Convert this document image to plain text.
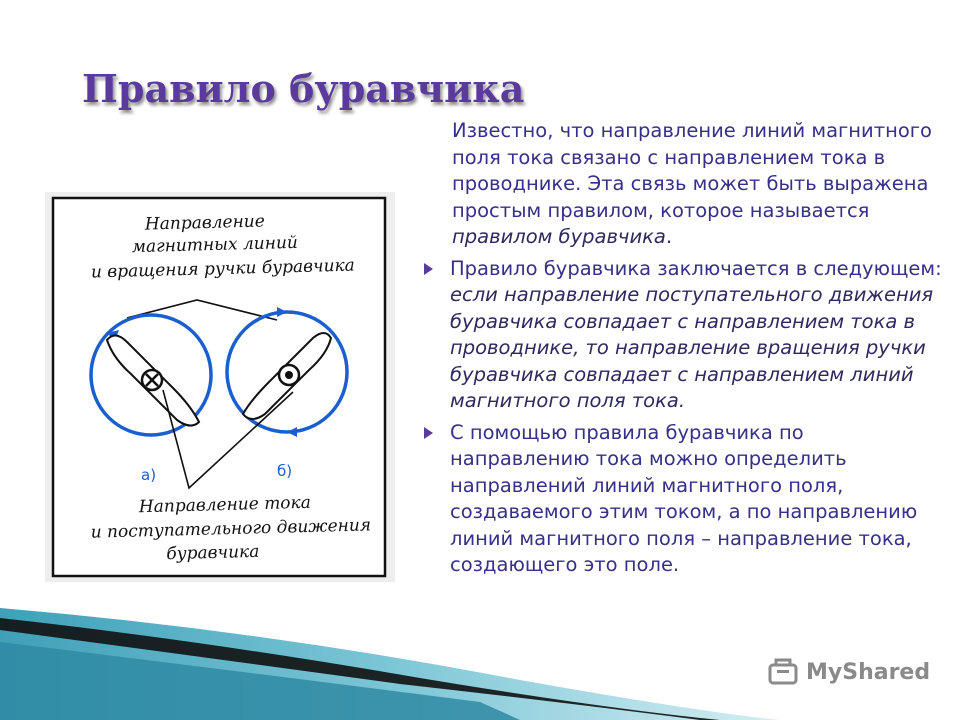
Правило буравчика
Направление
магнитных линий
и вращения ручки буравчика
а)	б)
Направление тока
и поступательного движения
буравчика

Известно, что направление линий магнитного поля тока связано с направлением тока в проводнике. Эта связь может быть выражена простым правилом, которое называется правилом буравчика.

Правило буравчика заключается в следующем: если направление поступательного движения буравчика совпадает с направлением тока в проводнике, то направление вращения ручки буравчика совпадает с направлением линий магнитного поля тока.

С помощью правила буравчика по направлению тока можно определить направлений линий магнитного поля, создаваемого этим током, а по направлению линий магнитного поля – направление тока, создающего это поле.

MyShared
